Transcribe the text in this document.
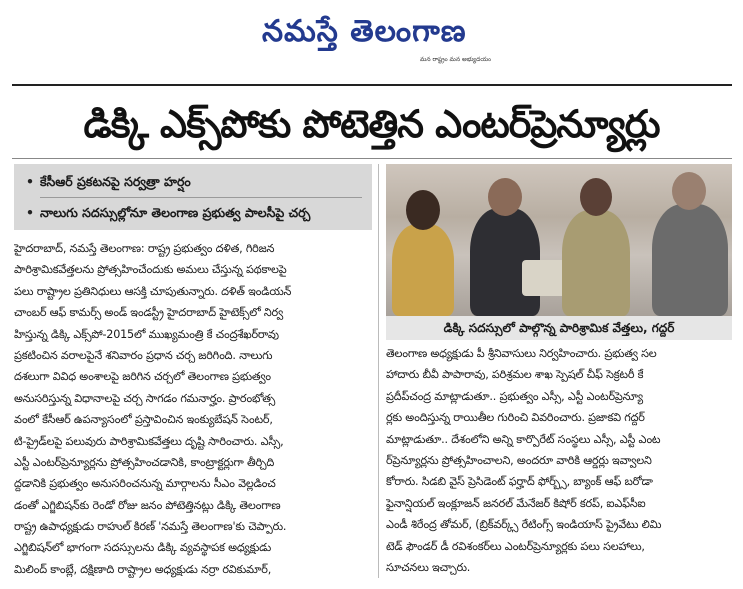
నమస్తే తెలంగాణ
మన రాష్ట్రం మన అభ్యుదయం
డిక్కి ఎక్స్‌పోకు పోటెత్తిన ఎంటర్‌ప్రెన్యూర్లు
• కేసీఆర్ ప్రకటనపై సర్వత్రా హర్షం
• నాలుగు సదస్సుల్లోనూ తెలంగాణ ప్రభుత్వ పాలసీపై చర్చ
డిక్కి సదస్సులో పాల్గొన్న పారిశ్రామిక వేత్తలు, గద్దర్
హైదరాబాద్, నమస్తే తెలంగాణ: రాష్ట్ర ప్రభుత్వం దళిత, గిరిజన
పారిశ్రామికవేత్తలను ప్రోత్సహించేందుకు అమలు చేస్తున్న పథకాలపై
పలు రాష్ట్రాల ప్రతినిధులు ఆసక్తి చూపుతున్నారు. దళిత్ ఇండియన్
చాంబర్ ఆఫ్ కామర్స్ అండ్ ఇండస్ట్రీ హైదరాబాద్ హైటెక్స్‌లో నిర్వ
హిస్తున్న డిక్కి ఎక్స్‌పో-2015లో ముఖ్యమంత్రి కే చంద్రశేఖర్‌రావు
ప్రకటించిన వరాలపైనే శనివారం ప్రధాన చర్చ జరిగింది. నాలుగు
దశలుగా వివిధ అంశాలపై జరిగిన చర్చలో తెలంగాణ ప్రభుత్వం
అనుసరిస్తున్న విధానాలపై చర్చ సాగడం గమనార్హం. ప్రారంభోత్స
వంలో కేసీఆర్ ఉపన్యాసంలో ప్రస్తావించిన ఇంక్యుబేషన్ సెంటర్,
టి-ప్రైడ్‌లపై పలువురు పారిశ్రామికవేత్తలు దృష్టి సారించారు. ఎస్సీ,
ఎస్టీ ఎంటర్‌ప్రెన్యూర్లను ప్రోత్సహించడానికి, కాంట్రాక్టర్లుగా తీర్చిది
ద్దడానికి ప్రభుత్వం అనుసరించనున్న మార్గాలను సీఎం వెల్లడించ
డంతో ఎగ్జిబిషన్‌కు రెండో రోజు జనం పోటెత్తినట్లు డిక్కి తెలంగాణ
రాష్ట్ర ఉపాధ్యక్షుడు రాహుల్ కిరణ్ 'నమస్తే తెలంగాణ'కు చెప్పారు.
ఎగ్జిబిషన్‌లో భాగంగా సదస్సులను డిక్కి వ్యవస్థాపక అధ్యక్షుడు
మిలింద్ కాంబ్లే, దక్షిణాది రాష్ట్రాల అధ్యక్షుడు నర్రా రవికుమార్,
తెలంగాణ అధ్యక్షుడు పీ శ్రీనివాసులు నిర్వహించారు. ప్రభుత్వ సల
హాదారు బీవీ పాపారావు, పరిశ్రమల శాఖ స్పెషల్ చీఫ్ సెక్రటరీ కే
ప్రదీప్‌చంద్ర మాట్లాడుతూ.. ప్రభుత్వం ఎస్సీ, ఎస్టీ ఎంటర్‌ప్రెన్యూ
ర్లకు అందిస్తున్న రాయితీల గురించి వివరించారు. ప్రజాకవి గద్దర్
మాట్లాడుతూ.. దేశంలోని అన్ని కార్పొరేట్ సంస్థలు ఎస్సీ, ఎస్టీ ఎంట
ర్‌ప్రెన్యూర్లను ప్రోత్సహించాలని, అందరూ వారికి ఆర్డర్లు ఇవ్వాలని
కోరారు. సిడబి వైస్ ప్రెసిడెంట్ ఫర్హాద్ ఫోర్బ్స్, బ్యాంక్ ఆఫ్ బరోడా
ఫైనాన్షియల్ ఇంక్లూజన్ జనరల్ మేనేజర్ కిషోర్ కరప్, ఐఎఫ్‌సీఐ
ఎండీ శిరేంద్ర తోమర్, (బ్రిక్‌వర్క్స్ రేటింగ్స్ ఇండియాస్ ప్రైవేటు లిమి
టెడ్ ఫౌండర్ డీ రవిశంకర్‌లు ఎంటర్‌ప్రెన్యూర్లకు పలు సలహాలు,
సూచనలు ఇచ్చారు.
